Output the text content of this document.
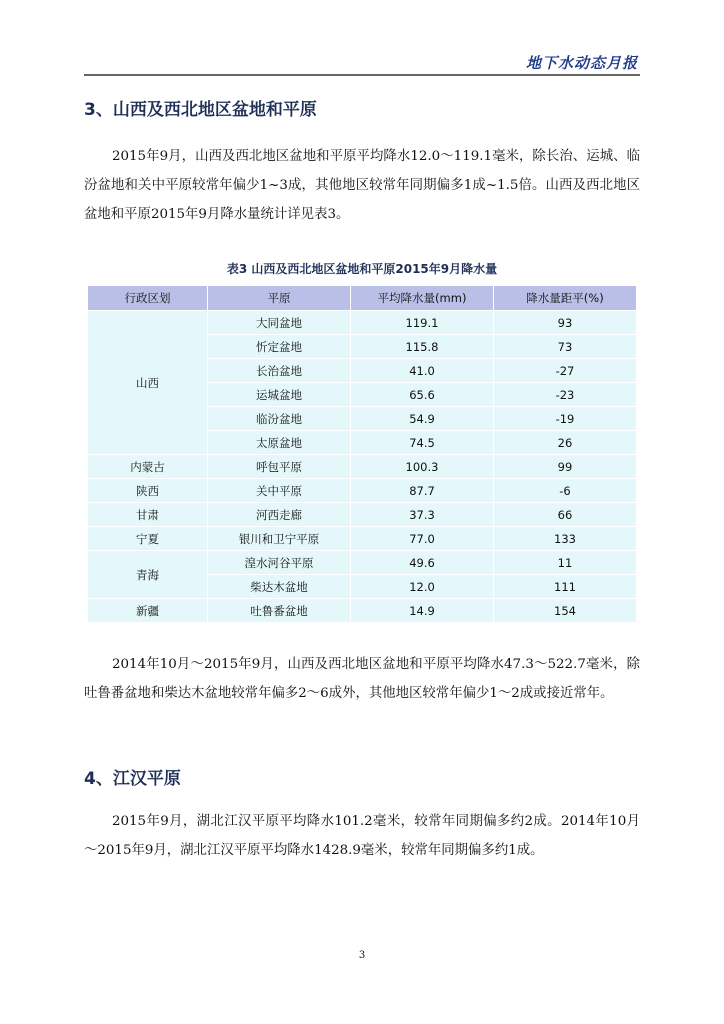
地下水动态月报
3、山西及西北地区盆地和平原

2015年9月，山西及西北地区盆地和平原平均降水12.0～119.1毫米，除长治、运城、临汾盆地和关中平原较常年偏少1~3成，其他地区较常年同期偏多1成~1.5倍。山西及西北地区盆地和平原2015年9月降水量统计详见表3。

表3 山西及西北地区盆地和平原2015年9月降水量
行政区划	平原	平均降水量(mm)	降水量距平(%)
山西	大同盆地	119.1	93
	忻定盆地	115.8	73
	长治盆地	41.0	-27
	运城盆地	65.6	-23
	临汾盆地	54.9	-19
	太原盆地	74.5	26
内蒙古	呼包平原	100.3	99
陕西	关中平原	87.7	-6
甘肃	河西走廊	37.3	66
宁夏	银川和卫宁平原	77.0	133
青海	湟水河谷平原	49.6	11
	柴达木盆地	12.0	111
新疆	吐鲁番盆地	14.9	154

2014年10月～2015年9月，山西及西北地区盆地和平原平均降水47.3～522.7毫米，除吐鲁番盆地和柴达木盆地较常年偏多2～6成外，其他地区较常年偏少1～2成或接近常年。

4、江汉平原

2015年9月，湖北江汉平原平均降水101.2毫米，较常年同期偏多约2成。2014年10月～2015年9月，湖北江汉平原平均降水1428.9毫米，较常年同期偏多约1成。

3
